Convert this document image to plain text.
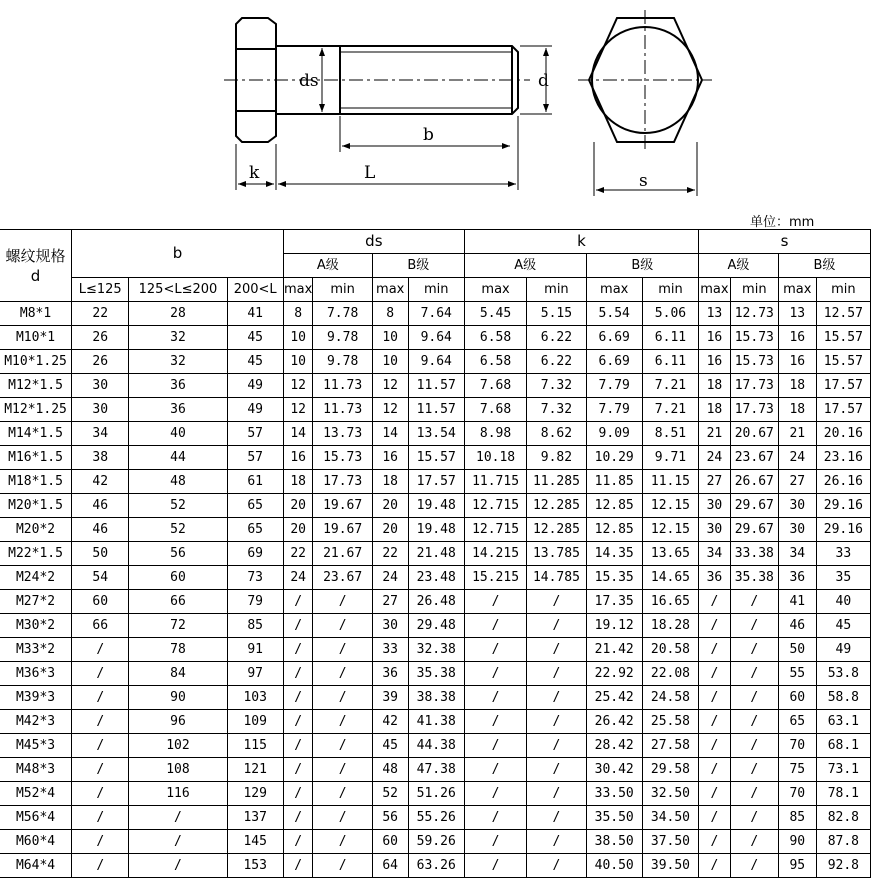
ds	d
b
k	L	s
单位：mm
螺纹规格
d	b			ds				k				s			
				A级		B级		A级		B级		A级		B级	
	L≤125	125<L≤200	200<L	max	min	max	min	max	min	max	min	max	min	max	min
M8*1	22	28	41	8	7.78	8	7.64	5.45	5.15	5.54	5.06	13	12.73	13	12.57
M10*1	26	32	45	10	9.78	10	9.64	6.58	6.22	6.69	6.11	16	15.73	16	15.57
M10*1.25	26	32	45	10	9.78	10	9.64	6.58	6.22	6.69	6.11	16	15.73	16	15.57
M12*1.5	30	36	49	12	11.73	12	11.57	7.68	7.32	7.79	7.21	18	17.73	18	17.57
M12*1.25	30	36	49	12	11.73	12	11.57	7.68	7.32	7.79	7.21	18	17.73	18	17.57
M14*1.5	34	40	57	14	13.73	14	13.54	8.98	8.62	9.09	8.51	21	20.67	21	20.16
M16*1.5	38	44	57	16	15.73	16	15.57	10.18	9.82	10.29	9.71	24	23.67	24	23.16
M18*1.5	42	48	61	18	17.73	18	17.57	11.715	11.285	11.85	11.15	27	26.67	27	26.16
M20*1.5	46	52	65	20	19.67	20	19.48	12.715	12.285	12.85	12.15	30	29.67	30	29.16
M20*2	46	52	65	20	19.67	20	19.48	12.715	12.285	12.85	12.15	30	29.67	30	29.16
M22*1.5	50	56	69	22	21.67	22	21.48	14.215	13.785	14.35	13.65	34	33.38	34	33
M24*2	54	60	73	24	23.67	24	23.48	15.215	14.785	15.35	14.65	36	35.38	36	35
M27*2	60	66	79	/	/	27	26.48	/	/	17.35	16.65	/	/	41	40
M30*2	66	72	85	/	/	30	29.48	/	/	19.12	18.28	/	/	46	45
M33*2	/	78	91	/	/	33	32.38	/	/	21.42	20.58	/	/	50	49
M36*3	/	84	97	/	/	36	35.38	/	/	22.92	22.08	/	/	55	53.8
M39*3	/	90	103	/	/	39	38.38	/	/	25.42	24.58	/	/	60	58.8
M42*3	/	96	109	/	/	42	41.38	/	/	26.42	25.58	/	/	65	63.1
M45*3	/	102	115	/	/	45	44.38	/	/	28.42	27.58	/	/	70	68.1
M48*3	/	108	121	/	/	48	47.38	/	/	30.42	29.58	/	/	75	73.1
M52*4	/	116	129	/	/	52	51.26	/	/	33.50	32.50	/	/	70	78.1
M56*4	/	/	137	/	/	56	55.26	/	/	35.50	34.50	/	/	85	82.8
M60*4	/	/	145	/	/	60	59.26	/	/	38.50	37.50	/	/	90	87.8
M64*4	/	/	153	/	/	64	63.26	/	/	40.50	39.50	/	/	95	92.8
